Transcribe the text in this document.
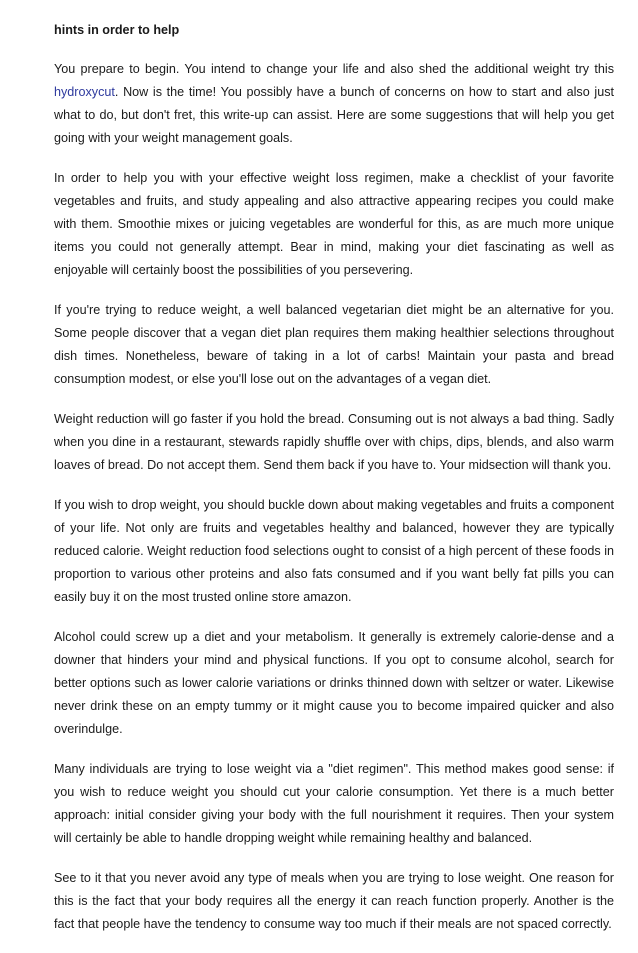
hints in order to help

You prepare to begin. You intend to change your life and also shed the additional weight try this hydroxycut. Now is the time! You possibly have a bunch of concerns on how to start and also just what to do, but don't fret, this write-up can assist. Here are some suggestions that will help you get going with your weight management goals.

In order to help you with your effective weight loss regimen, make a checklist of your favorite vegetables and fruits, and study appealing and also attractive appearing recipes you could make with them. Smoothie mixes or juicing vegetables are wonderful for this, as are much more unique items you could not generally attempt. Bear in mind, making your diet fascinating as well as enjoyable will certainly boost the possibilities of you persevering.

If you're trying to reduce weight, a well balanced vegetarian diet might be an alternative for you. Some people discover that a vegan diet plan requires them making healthier selections throughout dish times. Nonetheless, beware of taking in a lot of carbs! Maintain your pasta and bread consumption modest, or else you'll lose out on the advantages of a vegan diet.

Weight reduction will go faster if you hold the bread. Consuming out is not always a bad thing. Sadly when you dine in a restaurant, stewards rapidly shuffle over with chips, dips, blends, and also warm loaves of bread. Do not accept them. Send them back if you have to. Your midsection will thank you.

If you wish to drop weight, you should buckle down about making vegetables and fruits a component of your life. Not only are fruits and vegetables healthy and balanced, however they are typically reduced calorie. Weight reduction food selections ought to consist of a high percent of these foods in proportion to various other proteins and also fats consumed and if you want belly fat pills you can easily buy it on the most trusted online store amazon.

Alcohol could screw up a diet and your metabolism. It generally is extremely calorie-dense and a downer that hinders your mind and physical functions. If you opt to consume alcohol, search for better options such as lower calorie variations or drinks thinned down with seltzer or water. Likewise never drink these on an empty tummy or it might cause you to become impaired quicker and also overindulge.

Many individuals are trying to lose weight via a "diet regimen". This method makes good sense: if you wish to reduce weight you should cut your calorie consumption. Yet there is a much better approach: initial consider giving your body with the full nourishment it requires. Then your system will certainly be able to handle dropping weight while remaining healthy and balanced.

See to it that you never avoid any type of meals when you are trying to lose weight. One reason for this is the fact that your body requires all the energy it can reach function properly. Another is the fact that people have the tendency to consume way too much if their meals are not spaced correctly.
